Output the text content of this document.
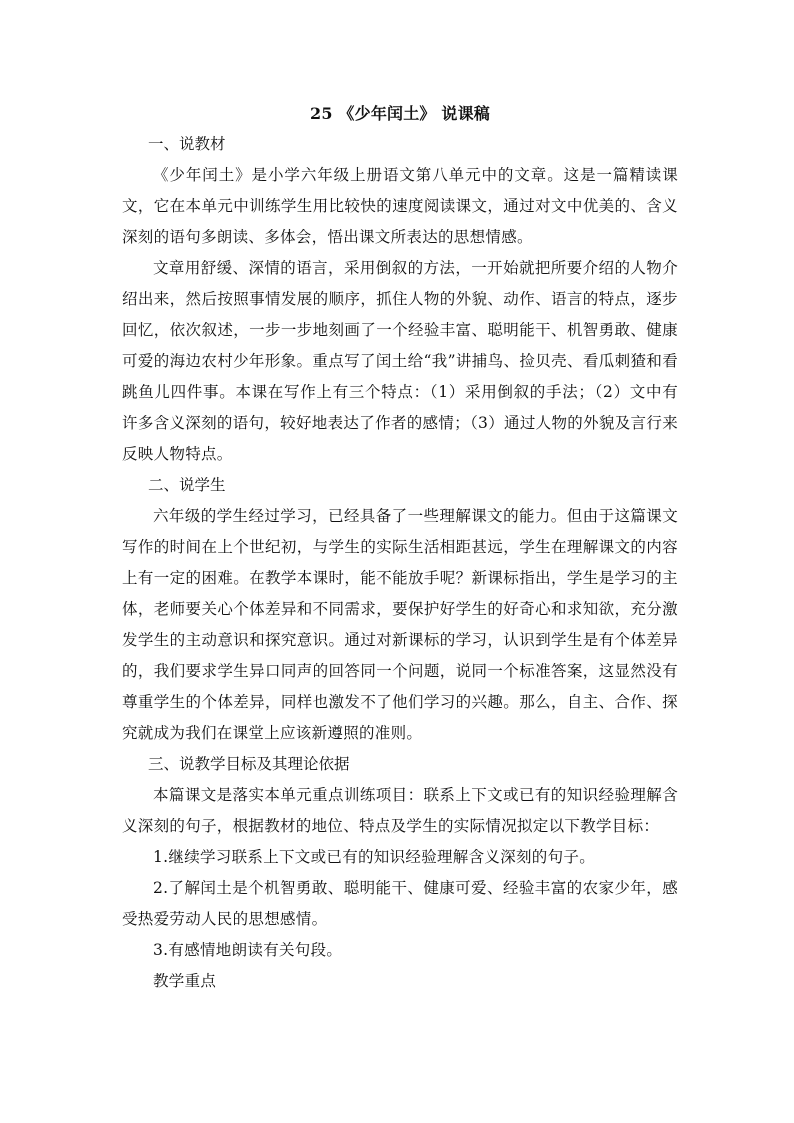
25 《少年闰土》 说课稿
一、说教材

《少年闰土》是小学六年级上册语文第八单元中的文章。这是一篇精读课文，它在本单元中训练学生用比较快的速度阅读课文，通过对文中优美的、含义深刻的语句多朗读、多体会，悟出课文所表达的思想情感。

文章用舒缓、深情的语言，采用倒叙的方法，一开始就把所要介绍的人物介绍出来，然后按照事情发展的顺序，抓住人物的外貌、动作、语言的特点，逐步回忆，依次叙述，一步一步地刻画了一个经验丰富、聪明能干、机智勇敢、健康可爱的海边农村少年形象。重点写了闰土给“我”讲捕鸟、捡贝壳、看瓜刺猹和看跳鱼儿四件事。本课在写作上有三个特点：（1）采用倒叙的手法；（2）文中有许多含义深刻的语句，较好地表达了作者的感情；（3）通过人物的外貌及言行来反映人物特点。

二、说学生

六年级的学生经过学习，已经具备了一些理解课文的能力。但由于这篇课文写作的时间在上个世纪初，与学生的实际生活相距甚远，学生在理解课文的内容上有一定的困难。在教学本课时，能不能放手呢？新课标指出，学生是学习的主体，老师要关心个体差异和不同需求，要保护好学生的好奇心和求知欲，充分激发学生的主动意识和探究意识。通过对新课标的学习，认识到学生是有个体差异的，我们要求学生异口同声的回答同一个问题，说同一个标准答案，这显然没有尊重学生的个体差异，同样也激发不了他们学习的兴趣。那么，自主、合作、探究就成为我们在课堂上应该新遵照的准则。

三、说教学目标及其理论依据

本篇课文是落实本单元重点训练项目：联系上下文或已有的知识经验理解含义深刻的句子，根据教材的地位、特点及学生的实际情况拟定以下教学目标：

1.继续学习联系上下文或已有的知识经验理解含义深刻的句子。

2.了解闰土是个机智勇敢、聪明能干、健康可爱、经验丰富的农家少年，感受热爱劳动人民的思想感情。

3.有感情地朗读有关句段。

教学重点
